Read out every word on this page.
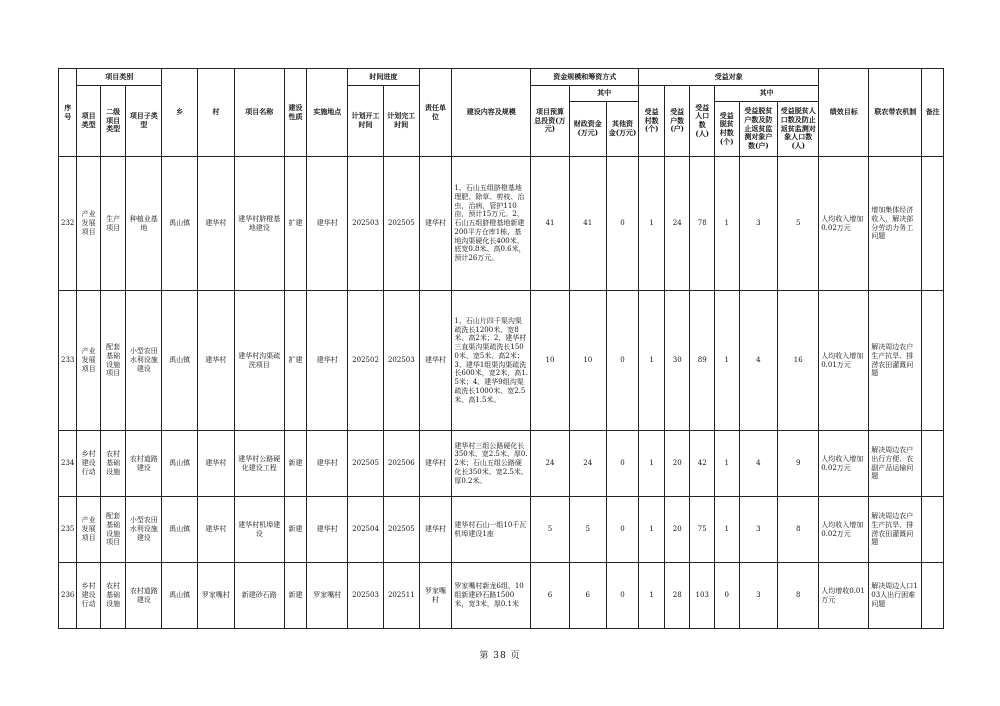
序号	项目类别			乡	村	项目名称	建设性质	实施地点	时间进度		责任单位	建设内容及规模	资金规模和筹资方式			受益对象						绩效目标	联农带农机制	备注
	项目类型	二级项目类型	项目子类型						计划开工时间	计划完工时间			项目预算总投资(万元)	其中		受益村数(个)	受益户数(户)	受益人口数(人)	其中					
														财政资金(万元)	其他资金(万元)				受益脱贫村数(个)	受益脱贫户数及防止返贫监测对象户数(户)	受益脱贫人口数及防止返贫监测对象人口数(人)			
232	产业发展项目	生产项目	种植业基地	禹山镇	建华村	建华村脐橙基地建设	扩建	建华村	202503	202505	建华村	1、石山五组脐橙基地理肥、除草、剪枝、治虫，治病，管护110亩，预计15万元。2、石山五组脐橙基地新建200平方仓库1栋，基地沟渠硬化长400米、底宽0.8米、高0.6米，预计26万元。	41	41	0	1	24	78	1	3	5	人均收入增加0.02万元	增加集体经济收入，解决部分劳动力务工问题	
233	产业发展项目	配套基础设施项目	小型农田水利设施建设	禹山镇	建华村	建华村沟渠疏洗项目	扩建	建华村	202502	202503	建华村	1、石山片四千渠沟渠疏洗长1200米、宽8米、高2米；2、建华村三直渠沟渠疏洗长1500米、宽5米、高2米；3、建华1组渠沟渠疏洗长600米，宽2米，高1.5米；4、建华9组沟渠疏洗长1000米、宽2.5米、高1.5米。	10	10	0	1	30	89	1	4	16	人均收入增加0.01万元	解决周边农户生产抗旱、排涝农田灌溉问题	
234	乡村建设行动	农村基础设施	农村道路建设	禹山镇	建华村	建华村公路硬化建设工程	新建	建华村	202505	202506	建华村	建华村三组公路硬化长350米、宽2.5米、厚0.2米；石山五组公路硬化长350米、宽2.5米、厚0.2米。	24	24	0	1	20	42	1	4	9	人均收入增加0.02万元	解决周边农户出行方便、农副产品运输问题	
235	产业发展项目	配套基础设施项目	小型农田水利设施建设	禹山镇	建华村	建华村机埠建设	新建	建华村	202504	202505	建华村	建华村石山一组10千瓦机埠建设1座	5	5	0	1	20	75	1	3	8	人均收入增加0.02万元	解决周边农户生产抗旱、排涝农田灌溉问题	
236	乡村建设行动	农村基础设施	农村道路建设	禹山镇	罗家嘴村	新建砂石路	新建	罗家嘴村	202503	202511	罗家嘴村	罗家嘴村新龙6组、10组新建砂石路1500米，宽3米，厚0.1米	6	6	0	1	28	103	0	3	8	人均增收0.01万元	解决周边人口103人出行困难问题	
第 38 页
